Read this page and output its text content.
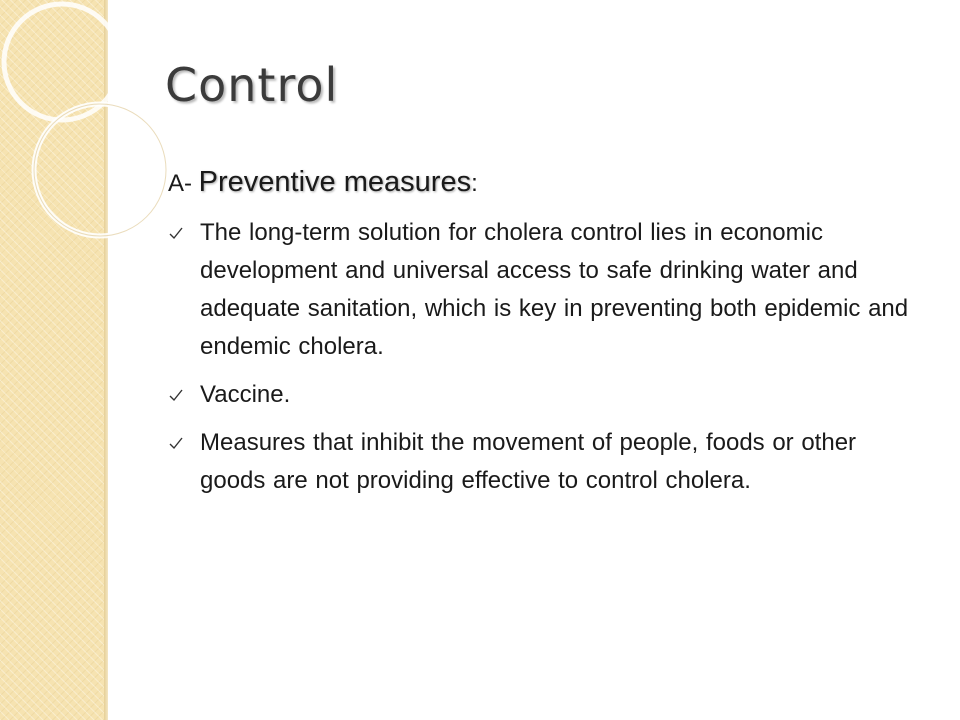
Control
A- Preventive measures:
The long-term solution for cholera control lies in economic development and universal access to safe drinking water and adequate sanitation, which is key in preventing both epidemic and endemic cholera.
Vaccine.
Measures that inhibit the movement of people, foods or other goods are not providing effective to control cholera.
